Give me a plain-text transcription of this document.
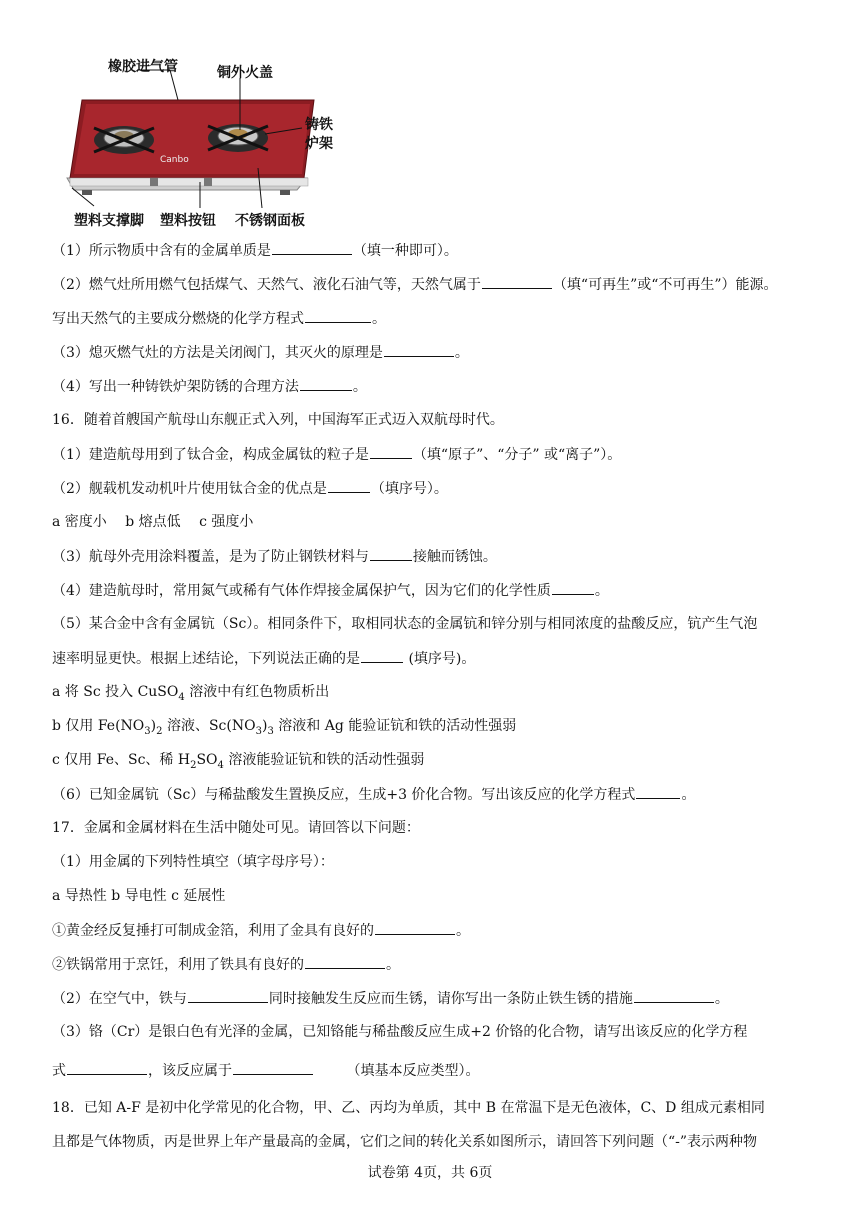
Canbo
橡胶进气管	铜外火盖
铸铁
炉架
塑料支撑脚 塑料按钮 不锈钢面板
（1）所示物质中含有的金属单质是	（填一种即可）。
（2）燃气灶所用燃气包括煤气、天然气、液化石油气等，天然气属于	（填“可再生”或“不可再生”）能源。
写出天然气的主要成分燃烧的化学方程式	。
（3）熄灭燃气灶的方法是关闭阀门，其灭火的原理是	。
（4）写出一种铸铁炉架防锈的合理方法	。
16．随着首艘国产航母山东舰正式入列，中国海军正式迈入双航母时代。
（1）建造航母用到了钛合金，构成金属钛的粒子是	（填“原子”、“分子” 或“离子”）。
（2）舰载机发动机叶片使用钛合金的优点是	（填序号）。
a 密度小　 b 熔点低　 c 强度小
（3）航母外壳用涂料覆盖，是为了防止钢铁材料与	接触而锈蚀。
（4）建造航母时，常用氮气或稀有气体作焊接金属保护气，因为它们的化学性质	。
（5）某合金中含有金属钪（Sc）。相同条件下，取相同状态的金属钪和锌分别与相同浓度的盐酸反应，钪产生气泡
速率明显更快。根据上述结论，下列说法正确的是	(填序号)。
a 将 Sc 投入 CuSO$_4$ 溶液中有红色物质析出
b 仅用 $Fe(NO_3)_2$ 溶液、$Sc(NO_3)_3$ 溶液和 Ag 能验证钪和铁的活动性强弱
c 仅用 Fe、Sc、稀 $H_2SO_4$ 溶液能验证钪和铁的活动性强弱
（6）已知金属钪（Sc）与稀盐酸发生置换反应，生成+3 价化合物。写出该反应的化学方程式	。
17．金属和金属材料在生活中随处可见。请回答以下问题：
（1）用金属的下列特性填空（填字母序号）：
a 导热性 b 导电性 c 延展性
①黄金经反复捶打可制成金箔，利用了金具有良好的	。
②铁锅常用于烹饪，利用了铁具有良好的	。
（2）在空气中，铁与	同时接触发生反应而生锈，请你写出一条防止铁生锈的措施	。
（3）铬（Cr）是银白色有光泽的金属，已知铬能与稀盐酸反应生成+2 价铬的化合物，请写出该反应的化学方程
式	，该反应属于	　　 （填基本反应类型）。
18．已知 A-F 是初中化学常见的化合物，甲、乙、丙均为单质，其中 B 在常温下是无色液体，C、D 组成元素相同
且都是气体物质，丙是世界上年产量最高的金属，它们之间的转化关系如图所示，请回答下列问题（“-”表示两种物
试卷第 4页，共 6页
